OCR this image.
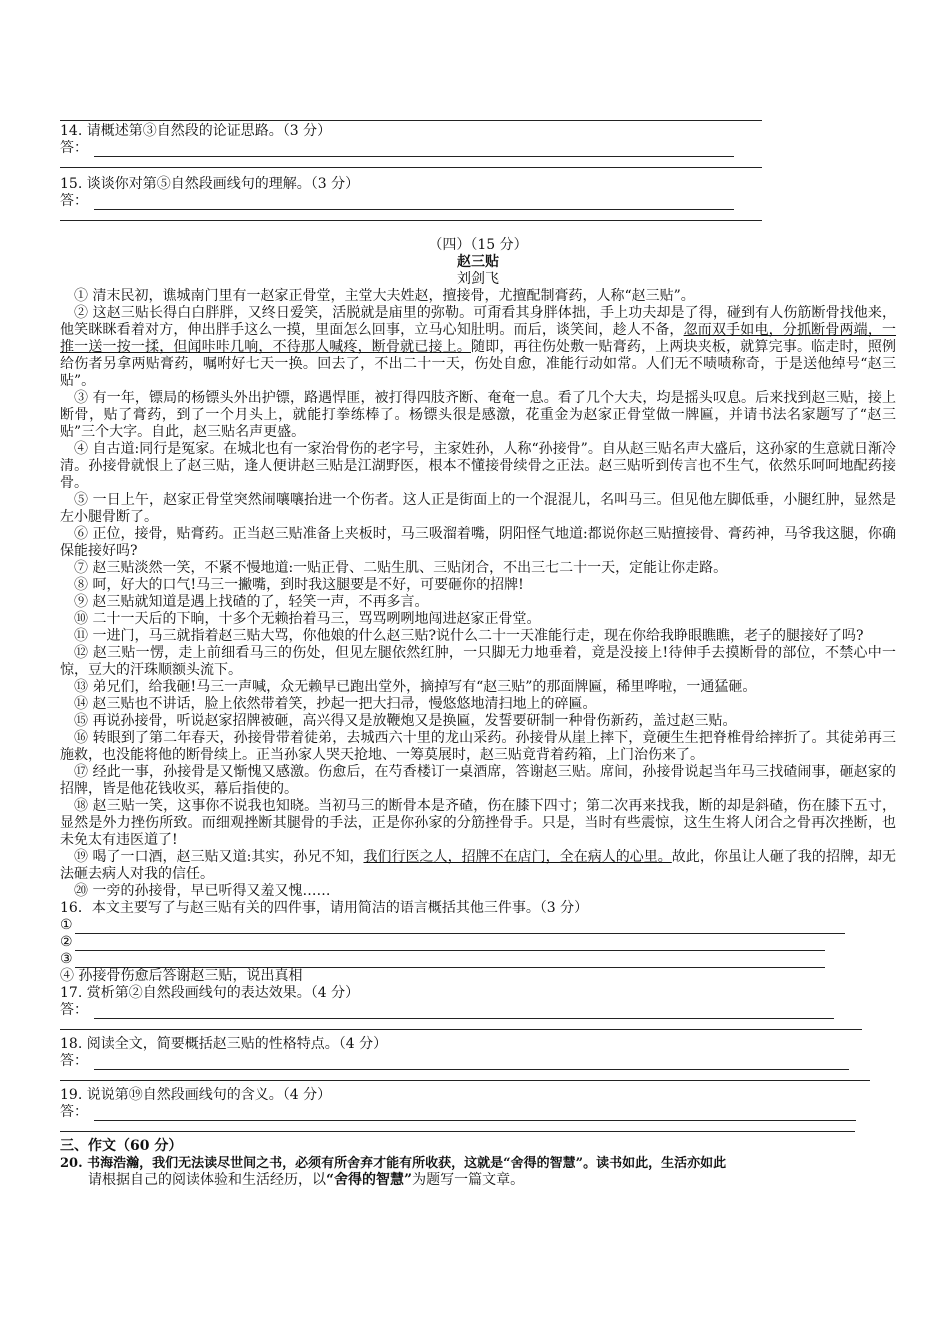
14. 请概述第③自然段的论证思路。（3 分）

答：

15. 谈谈你对第⑤自然段画线句的理解。（3 分）

答：
（四）（15 分）
赵三贴
刘剑飞

① 清末民初，谯城南门里有一赵家正骨堂，主堂大夫姓赵，擅接骨，尤擅配制膏药，人称“赵三贴”。

② 这赵三贴长得白白胖胖，又终日爱笑，活脱就是庙里的弥勒。可甭看其身胖体拙，手上功夫却是了得，碰到有人伤筋断骨找他来，他笑眯眯看着对方，伸出胖手这么一摸，里面怎么回事，立马心知肚明。而后，谈笑间，趁人不备，忽而双手如电，分抓断骨两端，一推一送一按一揉，但闻咔咔几响，不待那人喊疼，断骨就已接上。随即，再往伤处敷一贴膏药，上两块夹板，就算完事。临走时，照例给伤者另拿两贴膏药，嘱咐好七天一换。回去了，不出二十一天，伤处自愈，准能行动如常。人们无不啧啧称奇，于是送他绰号“赵三贴”。

③ 有一年，镖局的杨镖头外出护镖，路遇悍匪，被打得四肢齐断、奄奄一息。看了几个大夫，均是摇头叹息。后来找到赵三贴，接上断骨，贴了膏药，到了一个月头上，就能打拳练棒了。杨镖头很是感激，花重金为赵家正骨堂做一牌匾，并请书法名家题写了“赵三贴”三个大字。自此，赵三贴名声更盛。

④ 自古道:同行是冤家。在城北也有一家治骨伤的老字号，主家姓孙，人称“孙接骨”。自从赵三贴名声大盛后，这孙家的生意就日渐冷清。孙接骨就恨上了赵三贴，逢人便讲赵三贴是江湖野医，根本不懂接骨续骨之正法。赵三贴听到传言也不生气，依然乐呵呵地配药接骨。

⑤ 一日上午，赵家正骨堂突然闹嚷嚷抬进一个伤者。这人正是街面上的一个混混儿，名叫马三。但见他左脚低垂，小腿红肿，显然是左小腿骨断了。

⑥ 正位，接骨，贴膏药。正当赵三贴准备上夹板时，马三吸溜着嘴，阴阳怪气地道:都说你赵三贴擅接骨、膏药神，马爷我这腿，你确保能接好吗?

⑦ 赵三贴淡然一笑，不紧不慢地道:一贴正骨、二贴生肌、三贴闭合，不出三七二十一天，定能让你走路。

⑧ 呵，好大的口气!马三一撇嘴，到时我这腿要是不好，可要砸你的招牌!

⑨ 赵三贴就知道是遇上找碴的了，轻笑一声，不再多言。

⑩ 二十一天后的下晌，十多个无赖抬着马三，骂骂咧咧地闯进赵家正骨堂。

⑪ 一进门，马三就指着赵三贴大骂，你他娘的什么赵三贴?说什么二十一天准能行走，现在你给我睁眼瞧瞧，老子的腿接好了吗?

⑫ 赵三贴一愣，走上前细看马三的伤处，但见左腿依然红肿，一只脚无力地垂着，竟是没接上!待伸手去摸断骨的部位，不禁心中一惊，豆大的汗珠顺额头流下。

⑬ 弟兄们，给我砸!马三一声喊，众无赖早已跑出堂外，摘掉写有“赵三贴”的那面牌匾，稀里哗啦，一通猛砸。

⑭ 赵三贴也不讲话，脸上依然带着笑，抄起一把大扫帚，慢悠悠地清扫地上的碎匾。

⑮ 再说孙接骨，听说赵家招牌被砸，高兴得又是放鞭炮又是换匾，发誓要研制一种骨伤新药，盖过赵三贴。

⑯ 转眼到了第二年春天，孙接骨带着徒弟，去城西六十里的龙山采药。孙接骨从崖上摔下，竟硬生生把脊椎骨给摔折了。其徒弟再三施救，也没能将他的断骨续上。正当孙家人哭天抢地、一筹莫展时，赵三贴竟背着药箱，上门治伤来了。

⑰ 经此一事，孙接骨是又惭愧又感激。伤愈后，在芍香楼订一桌酒席，答谢赵三贴。席间，孙接骨说起当年马三找碴闹事，砸赵家的招牌，皆是他花钱收买，幕后指使的。

⑱ 赵三贴一笑，这事你不说我也知晓。当初马三的断骨本是齐碴，伤在膝下四寸；第二次再来找我，断的却是斜碴，伤在膝下五寸，显然是外力挫伤所致。而细观挫断其腿骨的手法，正是你孙家的分筋挫骨手。只是，当时有些震惊，这生生将人闭合之骨再次挫断，也未免太有违医道了!

⑲ 喝了一口酒，赵三贴又道:其实，孙兄不知，我们行医之人，招牌不在店门，全在病人的心里。故此，你虽让人砸了我的招牌，却无法砸去病人对我的信任。

⑳ 一旁的孙接骨，早已听得又羞又愧……

16．本文主要写了与赵三贴有关的四件事，请用简洁的语言概括其他三件事。（3 分）

①
②
③

④ 孙接骨伤愈后答谢赵三贴，说出真相

17. 赏析第②自然段画线句的表达效果。（4 分）

答：

18. 阅读全文，简要概括赵三贴的性格特点。（4 分）

答：

19. 说说第⑲自然段画线句的含义。（4 分）

答：

三、作文（60 分）

20. 书海浩瀚，我们无法读尽世间之书，必须有所舍弃才能有所收获，这就是“舍得的智慧”。读书如此，生活亦如此

请根据自己的阅读体验和生活经历，以“舍得的智慧”为题写一篇文章。
